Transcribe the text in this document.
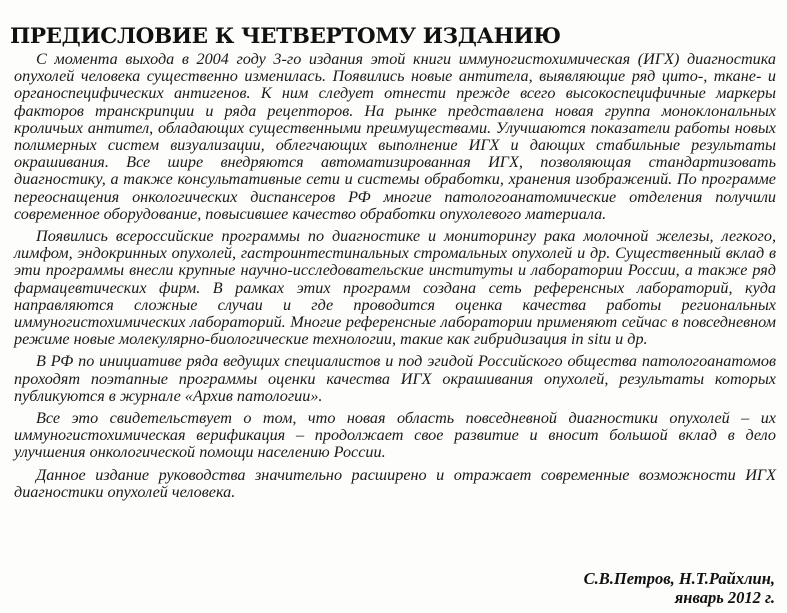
ПРЕДИСЛОВИЕ К ЧЕТВЕРТОМУ ИЗДАНИЮ

С момента выхода в 2004 году 3-го издания этой книги иммуногистохимическая (ИГХ) диагностика опухолей человека существенно изменилась. Появились новые антитела, выявляющие ряд цито-, ткане- и органоспецифических антигенов. К ним следует отнести прежде всего высокоспецифичные маркеры факторов транскрипции и ряда рецепторов. На рынке представлена новая группа моноклональных кроличьих антител, обладающих существенными преимуществами. Улучшаются показатели работы новых полимерных систем визуализации, облегчающих выполнение ИГХ и дающих стабильные результаты окрашивания. Все шире внедряются автоматизированная ИГХ, позволяющая стандартизовать диагностику, а также консультативные сети и системы обработки, хранения изображений. По программе переоснащения онкологических диспансеров РФ многие патологоанатомические отделения получили современное оборудование, повысившее качество обработки опухолевого материала.

Появились всероссийские программы по диагностике и мониторингу рака молочной железы, легкого, лимфом, эндокринных опухолей, гастроинтестинальных стромальных опухолей и др. Существенный вклад в эти программы внесли крупные научно-исследовательские институты и лаборатории России, а также ряд фармацевтических фирм. В рамках этих программ создана сеть референсных лабораторий, куда направляются сложные случаи и где проводится оценка качества работы региональных иммуногистохимических лабораторий. Многие референсные лаборатории применяют сейчас в повседневном режиме новые молекулярно-биологические технологии, такие как гибридизация in situ и др.

В РФ по инициативе ряда ведущих специалистов и под эгидой Российского общества патологоанатомов проходят поэтапные программы оценки качества ИГХ окрашивания опухолей, результаты которых публикуются в журнале «Архив патологии».

Все это свидетельствует о том, что новая область повседневной диагностики опухолей – их иммуногистохимическая верификация – продолжает свое развитие и вносит большой вклад в дело улучшения онкологической помощи населению России.

Данное издание руководства значительно расширено и отражает современные возможности ИГХ диагностики опухолей человека.

С.В.Петров, Н.Т.Райхлин,
январь 2012 г.
